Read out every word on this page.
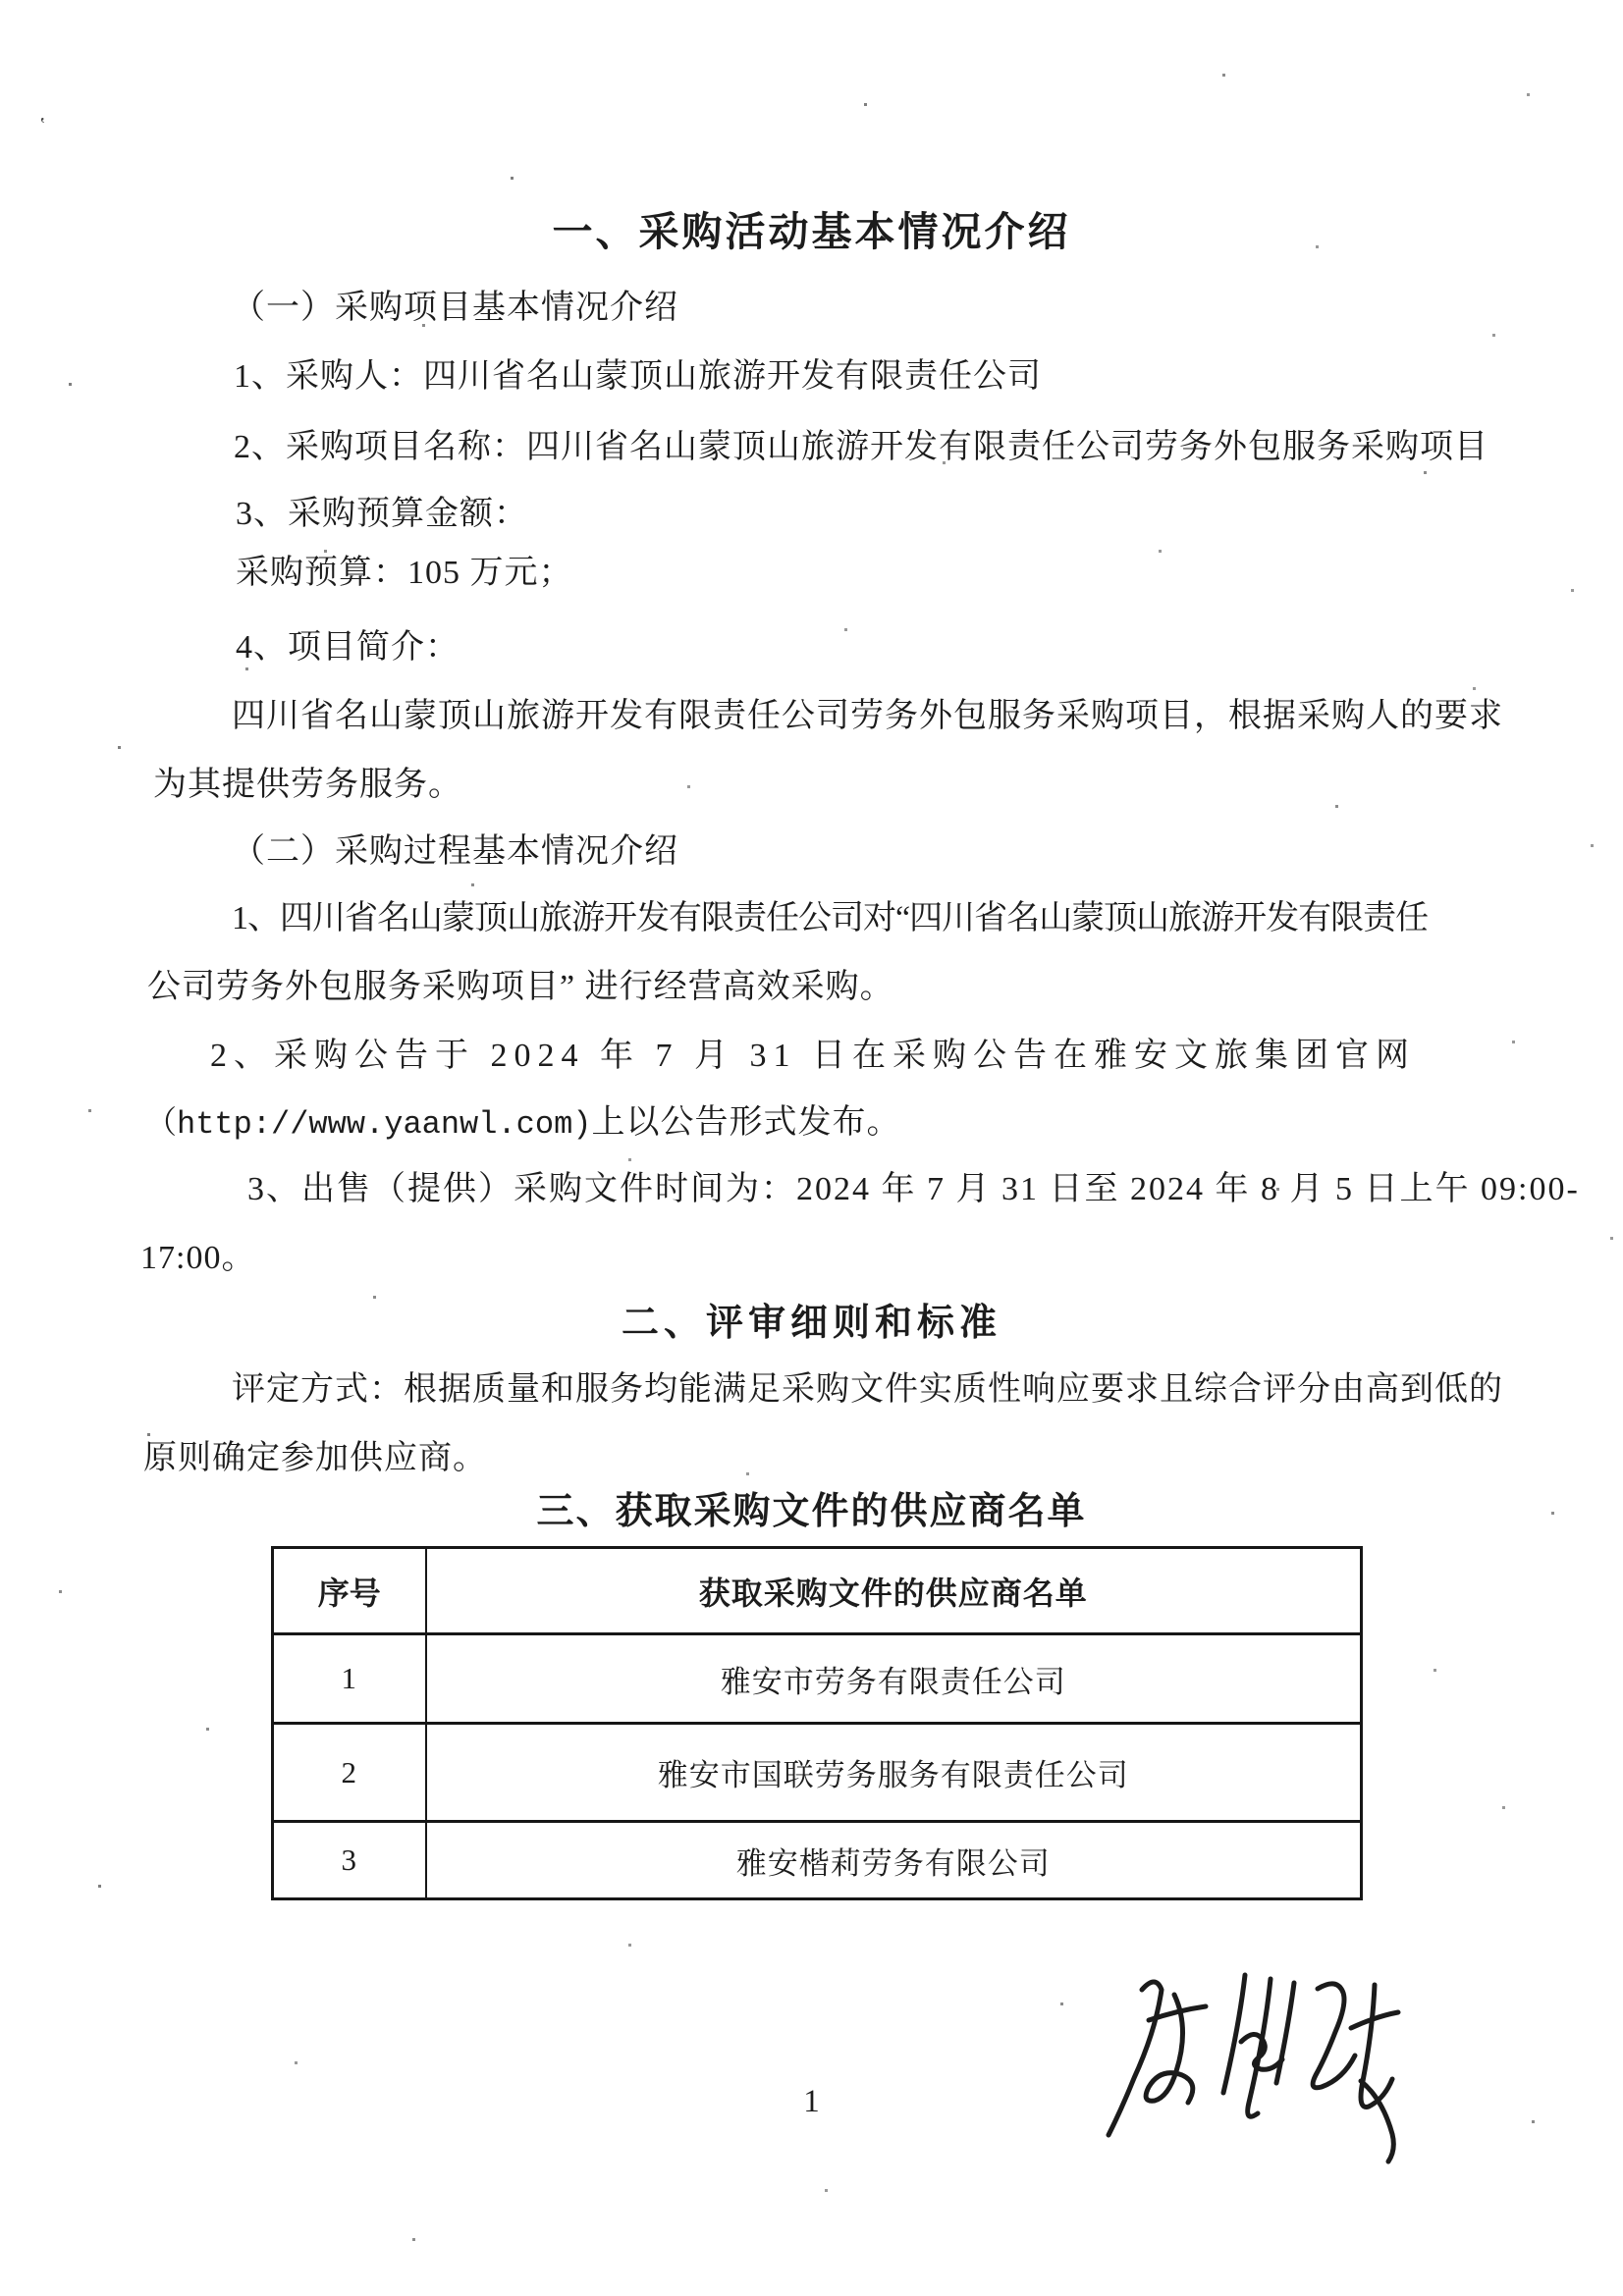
‛
一、采购活动基本情况介绍
（一）采购项目基本情况介绍
1、采购人：四川省名山蒙顶山旅游开发有限责任公司
2、采购项目名称：四川省名山蒙顶山旅游开发有限责任公司劳务外包服务采购项目
3、采购预算金额：
采购预算：105 万元；
4、项目简介：
四川省名山蒙顶山旅游开发有限责任公司劳务外包服务采购项目，根据采购人的要求
为其提供劳务服务。
（二）采购过程基本情况介绍
1、四川省名山蒙顶山旅游开发有限责任公司对“四川省名山蒙顶山旅游开发有限责任
公司劳务外包服务采购项目” 进行经营高效采购。
2、采购公告于 2024 年 7 月 31 日在采购公告在雅安文旅集团官网
（http://www.yaanwl.com)上以公告形式发布。
3、出售（提供）采购文件时间为：2024 年 7 月 31 日至 2024 年 8 月 5 日上午 09:00-
17:00。
二、评审细则和标准
评定方式：根据质量和服务均能满足采购文件实质性响应要求且综合评分由高到低的
原则确定参加供应商。
三、获取采购文件的供应商名单
序号	获取采购文件的供应商名单
1	雅安市劳务有限责任公司
2	雅安市国联劳务服务有限责任公司
3	雅安楷莉劳务有限公司
1
